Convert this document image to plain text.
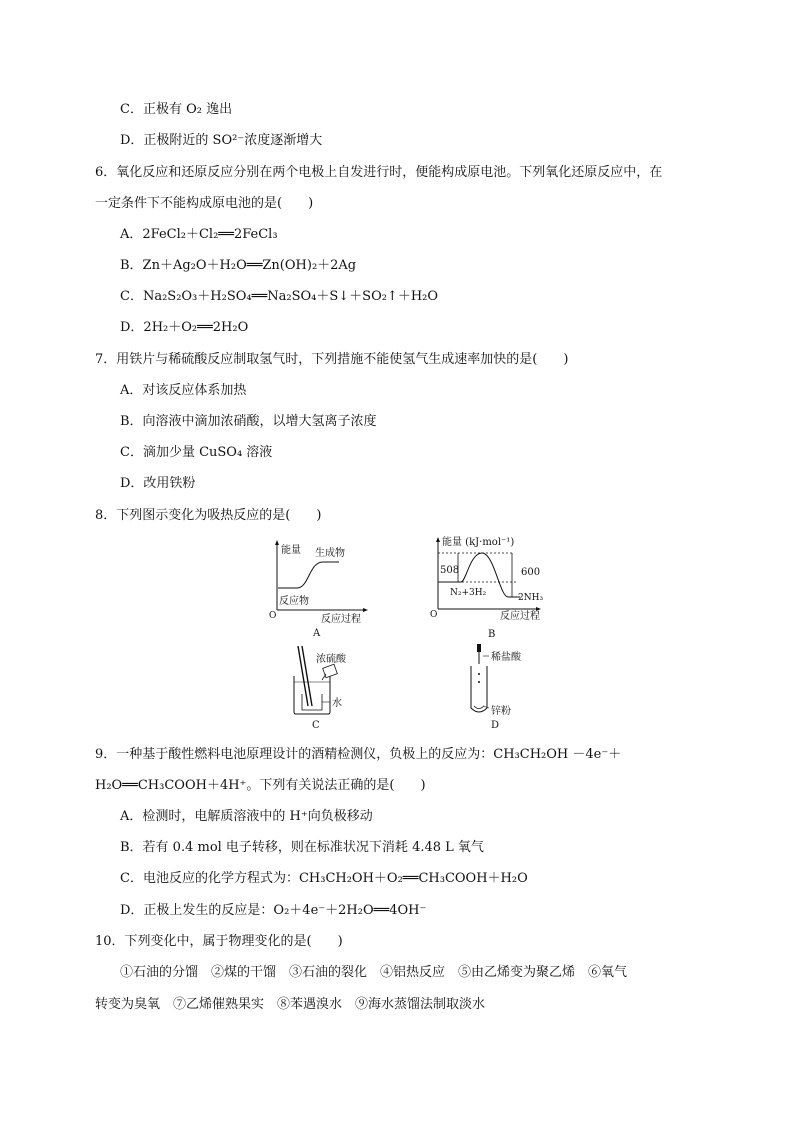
C．正极有 O₂ 逸出
D．正极附近的 SO²⁻浓度逐渐增大
6．氧化反应和还原反应分别在两个电极上自发进行时，便能构成原电池。下列氧化还原反应中，在
一定条件下不能构成原电池的是(　　)
A．2FeCl₂＋Cl₂══2FeCl₃
B．Zn＋Ag₂O＋H₂O══Zn(OH)₂＋2Ag
C．Na₂S₂O₃＋H₂SO₄══Na₂SO₄＋S↓＋SO₂↑＋H₂O
D．2H₂＋O₂══2H₂O
7．用铁片与稀硫酸反应制取氢气时，下列措施不能使氢气生成速率加快的是(　　)
A．对该反应体系加热
B．向溶液中滴加浓硝酸，以增大氢离子浓度
C．滴加少量 CuSO₄ 溶液
D．改用铁粉
8．下列图示变化为吸热反应的是(　　)
能量 生成物
反应物
O	反应过程
A
能量 (kJ·mol⁻¹)
508	600
N₂+3H₂	2NH₃
O	反应过程
B
浓硫酸
水
C
稀盐酸
锌粉
D
9．一种基于酸性燃料电池原理设计的酒精检测仪，负极上的反应为：CH₃CH₂OH －4e⁻＋
H₂O══CH₃COOH＋4H⁺。下列有关说法正确的是(　　)
A．检测时，电解质溶液中的 H⁺向负极移动
B．若有 0.4 mol 电子转移，则在标准状况下消耗 4.48 L 氧气
C．电池反应的化学方程式为：CH₃CH₂OH＋O₂══CH₃COOH＋H₂O
D．正极上发生的反应是：O₂＋4e⁻＋2H₂O══4OH⁻
10．下列变化中，属于物理变化的是(　　)
①石油的分馏　②煤的干馏　③石油的裂化　④铝热反应　⑤由乙烯变为聚乙烯　⑥氧气
转变为臭氧　⑦乙烯催熟果实　⑧苯遇溴水　⑨海水蒸馏法制取淡水
